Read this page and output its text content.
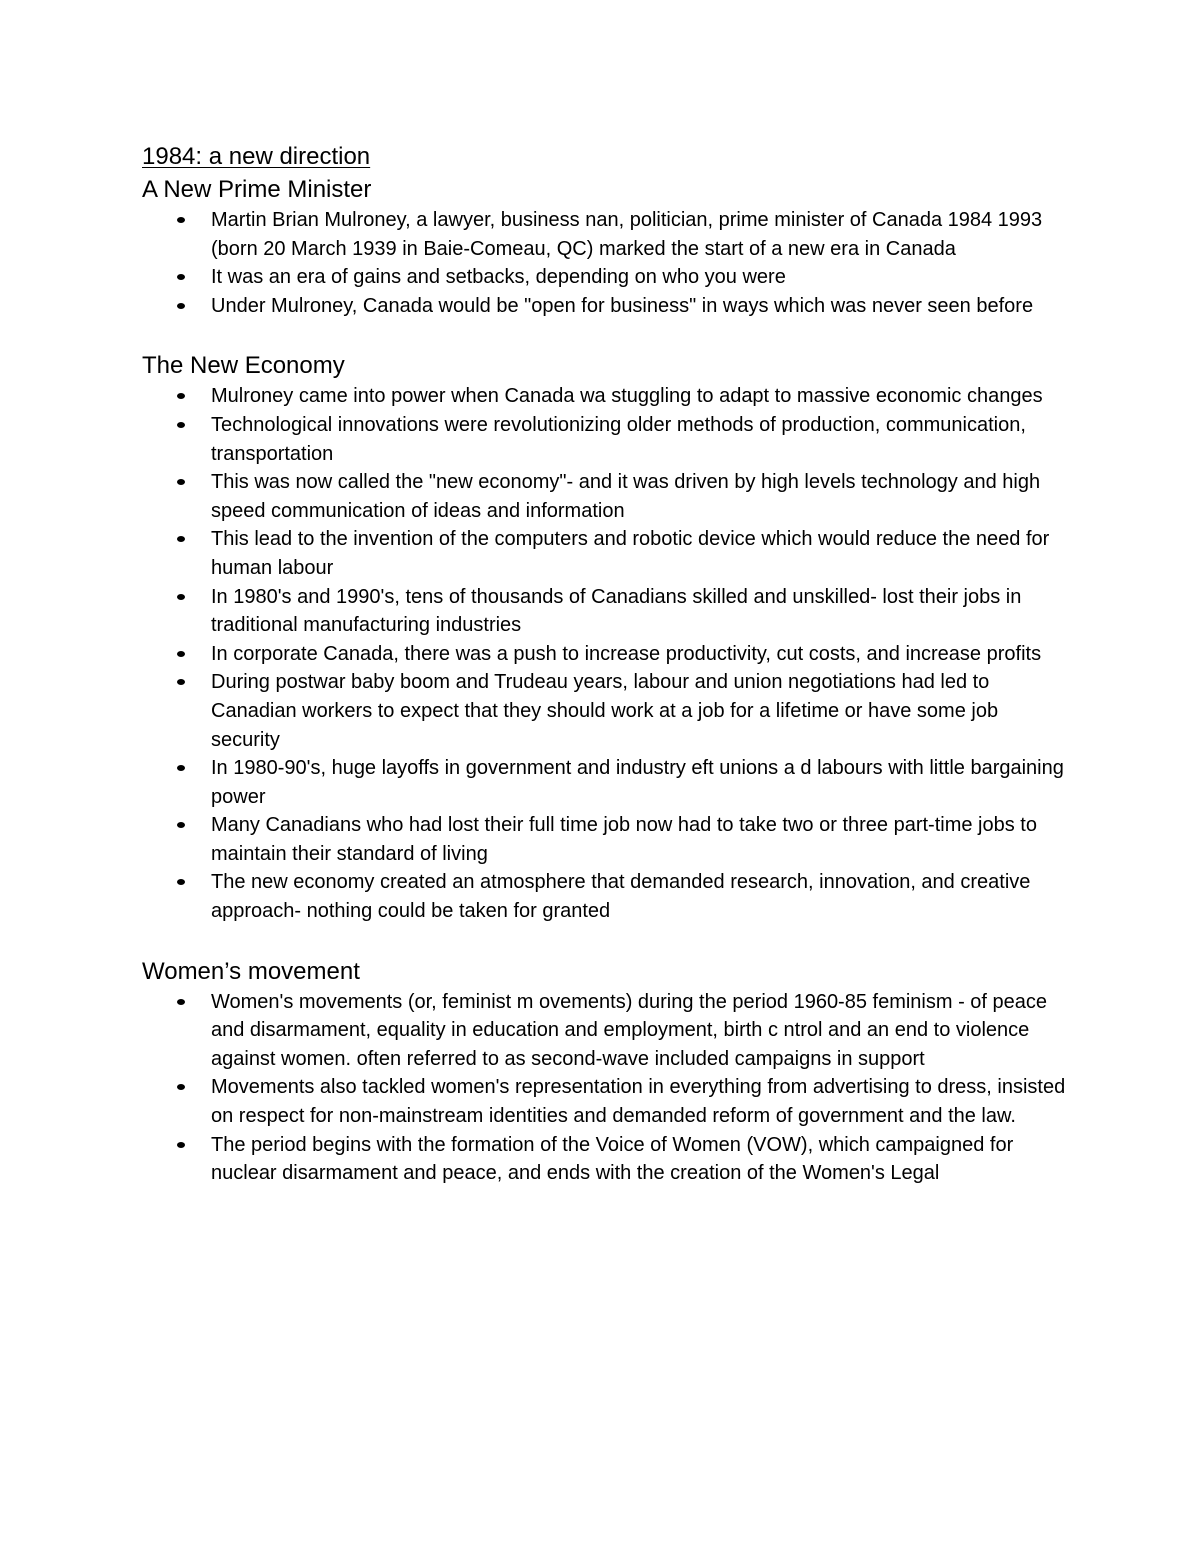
1984: a new direction
A New Prime Minister
Martin Brian Mulroney, a lawyer, business nan, politician, prime minister of Canada 1984 1993 (born 20 March 1939 in Baie-Comeau, QC) marked the start of a new era in Canada
It was an era of gains and setbacks, depending on who you were
Under Mulroney, Canada would be "open for business" in ways which was never seen before
The New Economy
Mulroney came into power when Canada wa stuggling to adapt to massive economic changes
Technological innovations were revolutionizing older methods of production, communication, transportation
This was now called the "new economy"- and it was driven by high levels technology and high speed communication of ideas and information
This lead to the invention of the computers and robotic device which would reduce the need for human labour
In 1980's and 1990's, tens of thousands of Canadians skilled and unskilled- lost their jobs in traditional manufacturing industries
In corporate Canada, there was a push to increase productivity, cut costs, and increase profits
During postwar baby boom and Trudeau years, labour and union negotiations had led to Canadian workers to expect that they should work at a job for a lifetime or have some job security
In 1980-90's, huge layoffs in government and industry eft unions a d labours with little bargaining power
Many Canadians who had lost their full time job now had to take two or three part-time jobs to maintain their standard of living
The new economy created an atmosphere that demanded research, innovation, and creative approach- nothing could be taken for granted
Women’s movement
Women's movements (or, feminist m ovements) during the period 1960-85 feminism - of peace and disarmament, equality in education and employment, birth c ntrol and an end to violence against women. often referred to as second-wave included campaigns in support
Movements also tackled women's representation in everything from advertising to dress, insisted on respect for non-mainstream identities and demanded reform of government and the law.
The period begins with the formation of the Voice of Women (VOW), which campaigned for nuclear disarmament and peace, and ends with the creation of the Women's Legal
